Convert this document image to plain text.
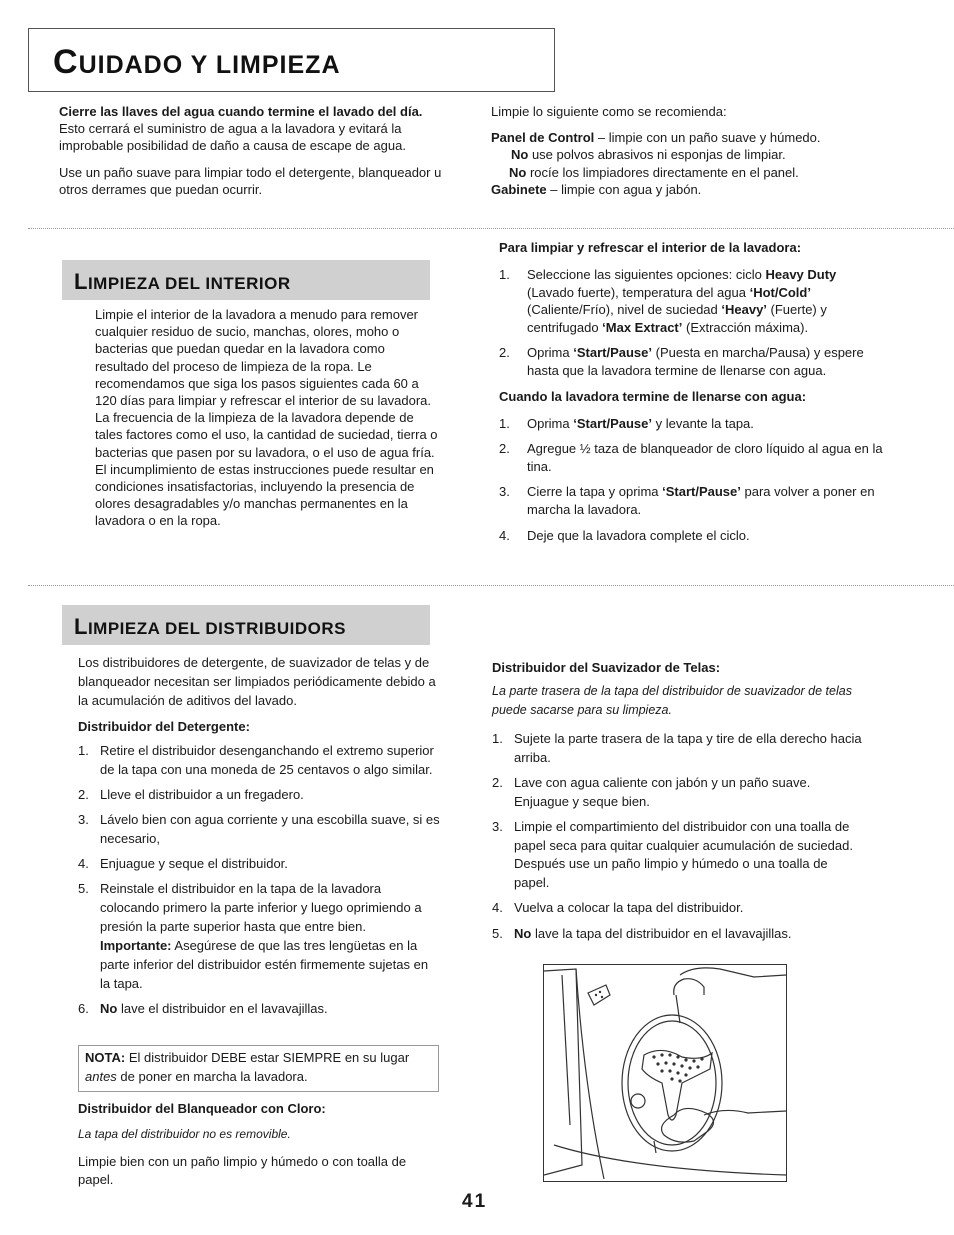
CUIDADO Y LIMPIEZA
Cierre las llaves del agua cuando termine el lavado del día. Esto cerrará el suministro de agua a la lavadora y evitará la improbable posibilidad de daño a causa de escape de agua.
Use un paño suave para limpiar todo el detergente, blanqueador u otros derrames que puedan ocurrir.
Limpie lo siguiente como se recomienda:
Panel de Control – limpie con un paño suave y húmedo.
No use polvos abrasivos ni esponjas de limpiar.
No rocíe los limpiadores directamente en el panel.
Gabinete – limpie con agua y jabón.
LIMPIEZA DEL INTERIOR
Limpie el interior de la lavadora a menudo para remover cualquier residuo de sucio, manchas, olores, moho o bacterias que puedan quedar en la lavadora como resultado del proceso de limpieza de la ropa. Le recomendamos que siga los pasos siguientes cada 60 a 120 días para limpiar y refrescar el interior de su lavadora. La frecuencia de la limpieza de la lavadora depende de tales factores como el uso, la cantidad de suciedad, tierra o bacterias que pasen por su lavadora, o el uso de agua fría. El incumplimiento de estas instrucciones puede resultar en condiciones insatisfactorias, incluyendo la presencia de olores desagradables y/o manchas permanentes en la lavadora o en la ropa.
Para limpiar y refrescar el interior de la lavadora:
1. Seleccione las siguientes opciones: ciclo Heavy Duty (Lavado fuerte), temperatura del agua ‘Hot/Cold’ (Caliente/Frío), nivel de suciedad ‘Heavy’ (Fuerte) y centrifugado ‘Max Extract’ (Extracción máxima).
2. Oprima ‘Start/Pause’ (Puesta en marcha/Pausa) y espere hasta que la lavadora termine de llenarse con agua.
Cuando la lavadora termine de llenarse con agua:
1. Oprima ‘Start/Pause’ y levante la tapa.
2. Agregue ½ taza de blanqueador de cloro líquido al agua en la tina.
3. Cierre la tapa y oprima ‘Start/Pause’ para volver a poner en marcha la lavadora.
4. Deje que la lavadora complete el ciclo.
LIMPIEZA DEL DISTRIBUIDORS
Los distribuidores de detergente, de suavizador de telas y de blanqueador necesitan ser limpiados periódicamente debido a la acumulación de aditivos del lavado.
Distribuidor del Detergente:
1. Retire el distribuidor desenganchando el extremo superior de la tapa con una moneda de 25 centavos o algo similar.
2. Lleve el distribuidor a un fregadero.
3. Lávelo bien con agua corriente y una escobilla suave, si es necesario,
4. Enjuague y seque el distribuidor.
5. Reinstale el distribuidor en la tapa de la lavadora colocando primero la parte inferior y luego oprimiendo a presión la parte superior hasta que entre bien. Importante: Asegúrese de que las tres lengüetas en la parte inferior del distribuidor estén firmemente sujetas en la tapa.
6. No lave el distribuidor en el lavavajillas.
NOTA: El distribuidor DEBE estar SIEMPRE en su lugar antes de poner en marcha la lavadora.
Distribuidor del Blanqueador con Cloro:
La tapa del distribuidor no es removible.
Limpie bien con un paño limpio y húmedo o con toalla de papel.
Distribuidor del Suavizador de Telas:
La parte trasera de la tapa del distribuidor de suavizador de telas puede sacarse para su limpieza.
1. Sujete la parte trasera de la tapa y tire de ella derecho hacia arriba.
2. Lave con agua caliente con jabón y un paño suave. Enjuague y seque bien.
3. Limpie el compartimiento del distribuidor con una toalla de papel seca para quitar cualquier acumulación de suciedad. Después use un paño limpio y húmedo o una toalla de papel.
4. Vuelva a colocar la tapa del distribuidor.
5. No lave la tapa del distribuidor en el lavavajillas.
41
